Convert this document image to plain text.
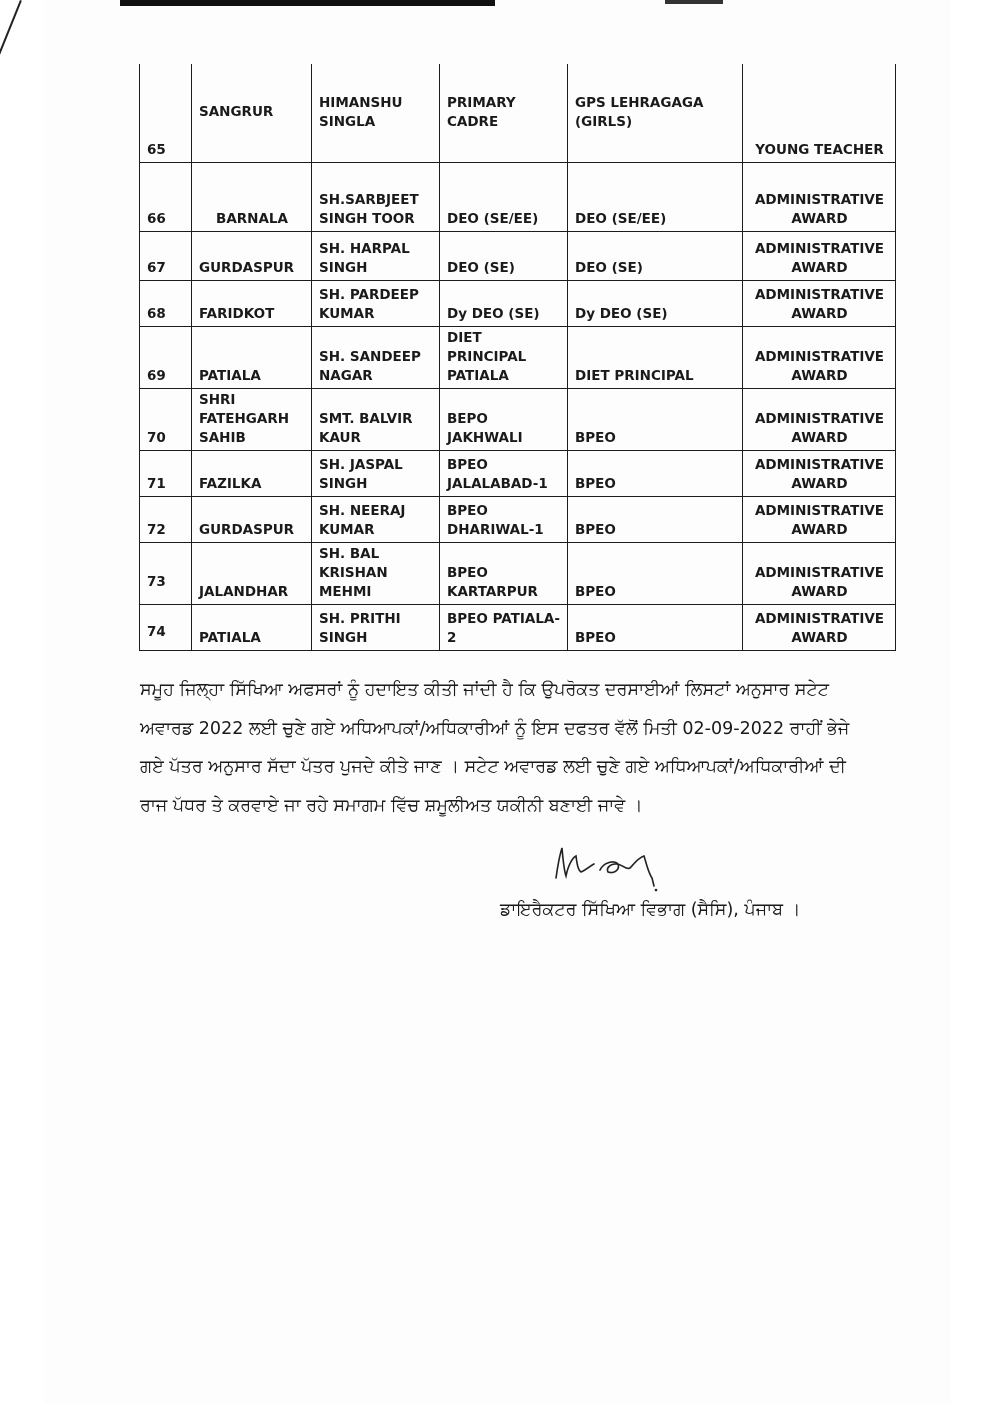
65	SANGRUR	HIMANSHU SINGLA	PRIMARY CADRE	GPS LEHRAGAGA (GIRLS)	YOUNG TEACHER
66	BARNALA	SH.SARBJEET SINGH TOOR	DEO (SE/EE)	DEO (SE/EE)	ADMINISTRATIVE AWARD
67	GURDASPUR	SH. HARPAL SINGH	DEO (SE)	DEO (SE)	ADMINISTRATIVE AWARD
68	FARIDKOT	SH. PARDEEP KUMAR	Dy DEO (SE)	Dy DEO (SE)	ADMINISTRATIVE AWARD
69	PATIALA	SH. SANDEEP NAGAR	DIET PRINCIPAL PATIALA	DIET PRINCIPAL	ADMINISTRATIVE AWARD
70	SHRI FATEHGARH SAHIB	SMT. BALVIR KAUR	BEPO JAKHWALI	BPEO	ADMINISTRATIVE AWARD
71	FAZILKA	SH. JASPAL SINGH	BPEO JALALABAD-1	BPEO	ADMINISTRATIVE AWARD
72	GURDASPUR	SH. NEERAJ KUMAR	BPEO DHARIWAL-1	BPEO	ADMINISTRATIVE AWARD
73	JALANDHAR	SH. BAL KRISHAN MEHMI	BPEO KARTARPUR	BPEO	ADMINISTRATIVE AWARD
74	PATIALA	SH. PRITHI SINGH	BPEO PATIALA-2	BPEO	ADMINISTRATIVE AWARD

ਸਮੂਹ ਜਿਲ੍ਹਾ ਸਿੱਖਿਆ ਅਫਸਰਾਂ ਨੂੰ ਹਦਾਇਤ ਕੀਤੀ ਜਾਂਦੀ ਹੈ ਕਿ ਉਪਰੋਕਤ ਦਰਸਾਈਆਂ ਲਿਸਟਾਂ ਅਨੁਸਾਰ ਸਟੇਟ ਅਵਾਰਡ 2022 ਲਈ ਚੁਣੇ ਗਏ ਅਧਿਆਪਕਾਂ/ਅਧਿਕਾਰੀਆਂ ਨੂੰ ਇਸ ਦਫਤਰ ਵੱਲੋਂ ਮਿਤੀ 02-09-2022 ਰਾਹੀਂ ਭੇਜੇ ਗਏ ਪੱਤਰ ਅਨੁਸਾਰ ਸੱਦਾ ਪੱਤਰ ਪੁਜਦੇ ਕੀਤੇ ਜਾਣ । ਸਟੇਟ ਅਵਾਰਡ ਲਈ ਚੁਣੇ ਗਏ ਅਧਿਆਪਕਾਂ/ਅਧਿਕਾਰੀਆਂ ਦੀ ਰਾਜ ਪੱਧਰ ਤੇ ਕਰਵਾਏ ਜਾ ਰਹੇ ਸਮਾਗਮ ਵਿੱਚ ਸ਼ਮੂਲੀਅਤ ਯਕੀਨੀ ਬਣਾਈ ਜਾਵੇ ।

ਡਾਇਰੈਕਟਰ ਸਿੱਖਿਆ ਵਿਭਾਗ (ਸੈਸਿ), ਪੰਜਾਬ ।
